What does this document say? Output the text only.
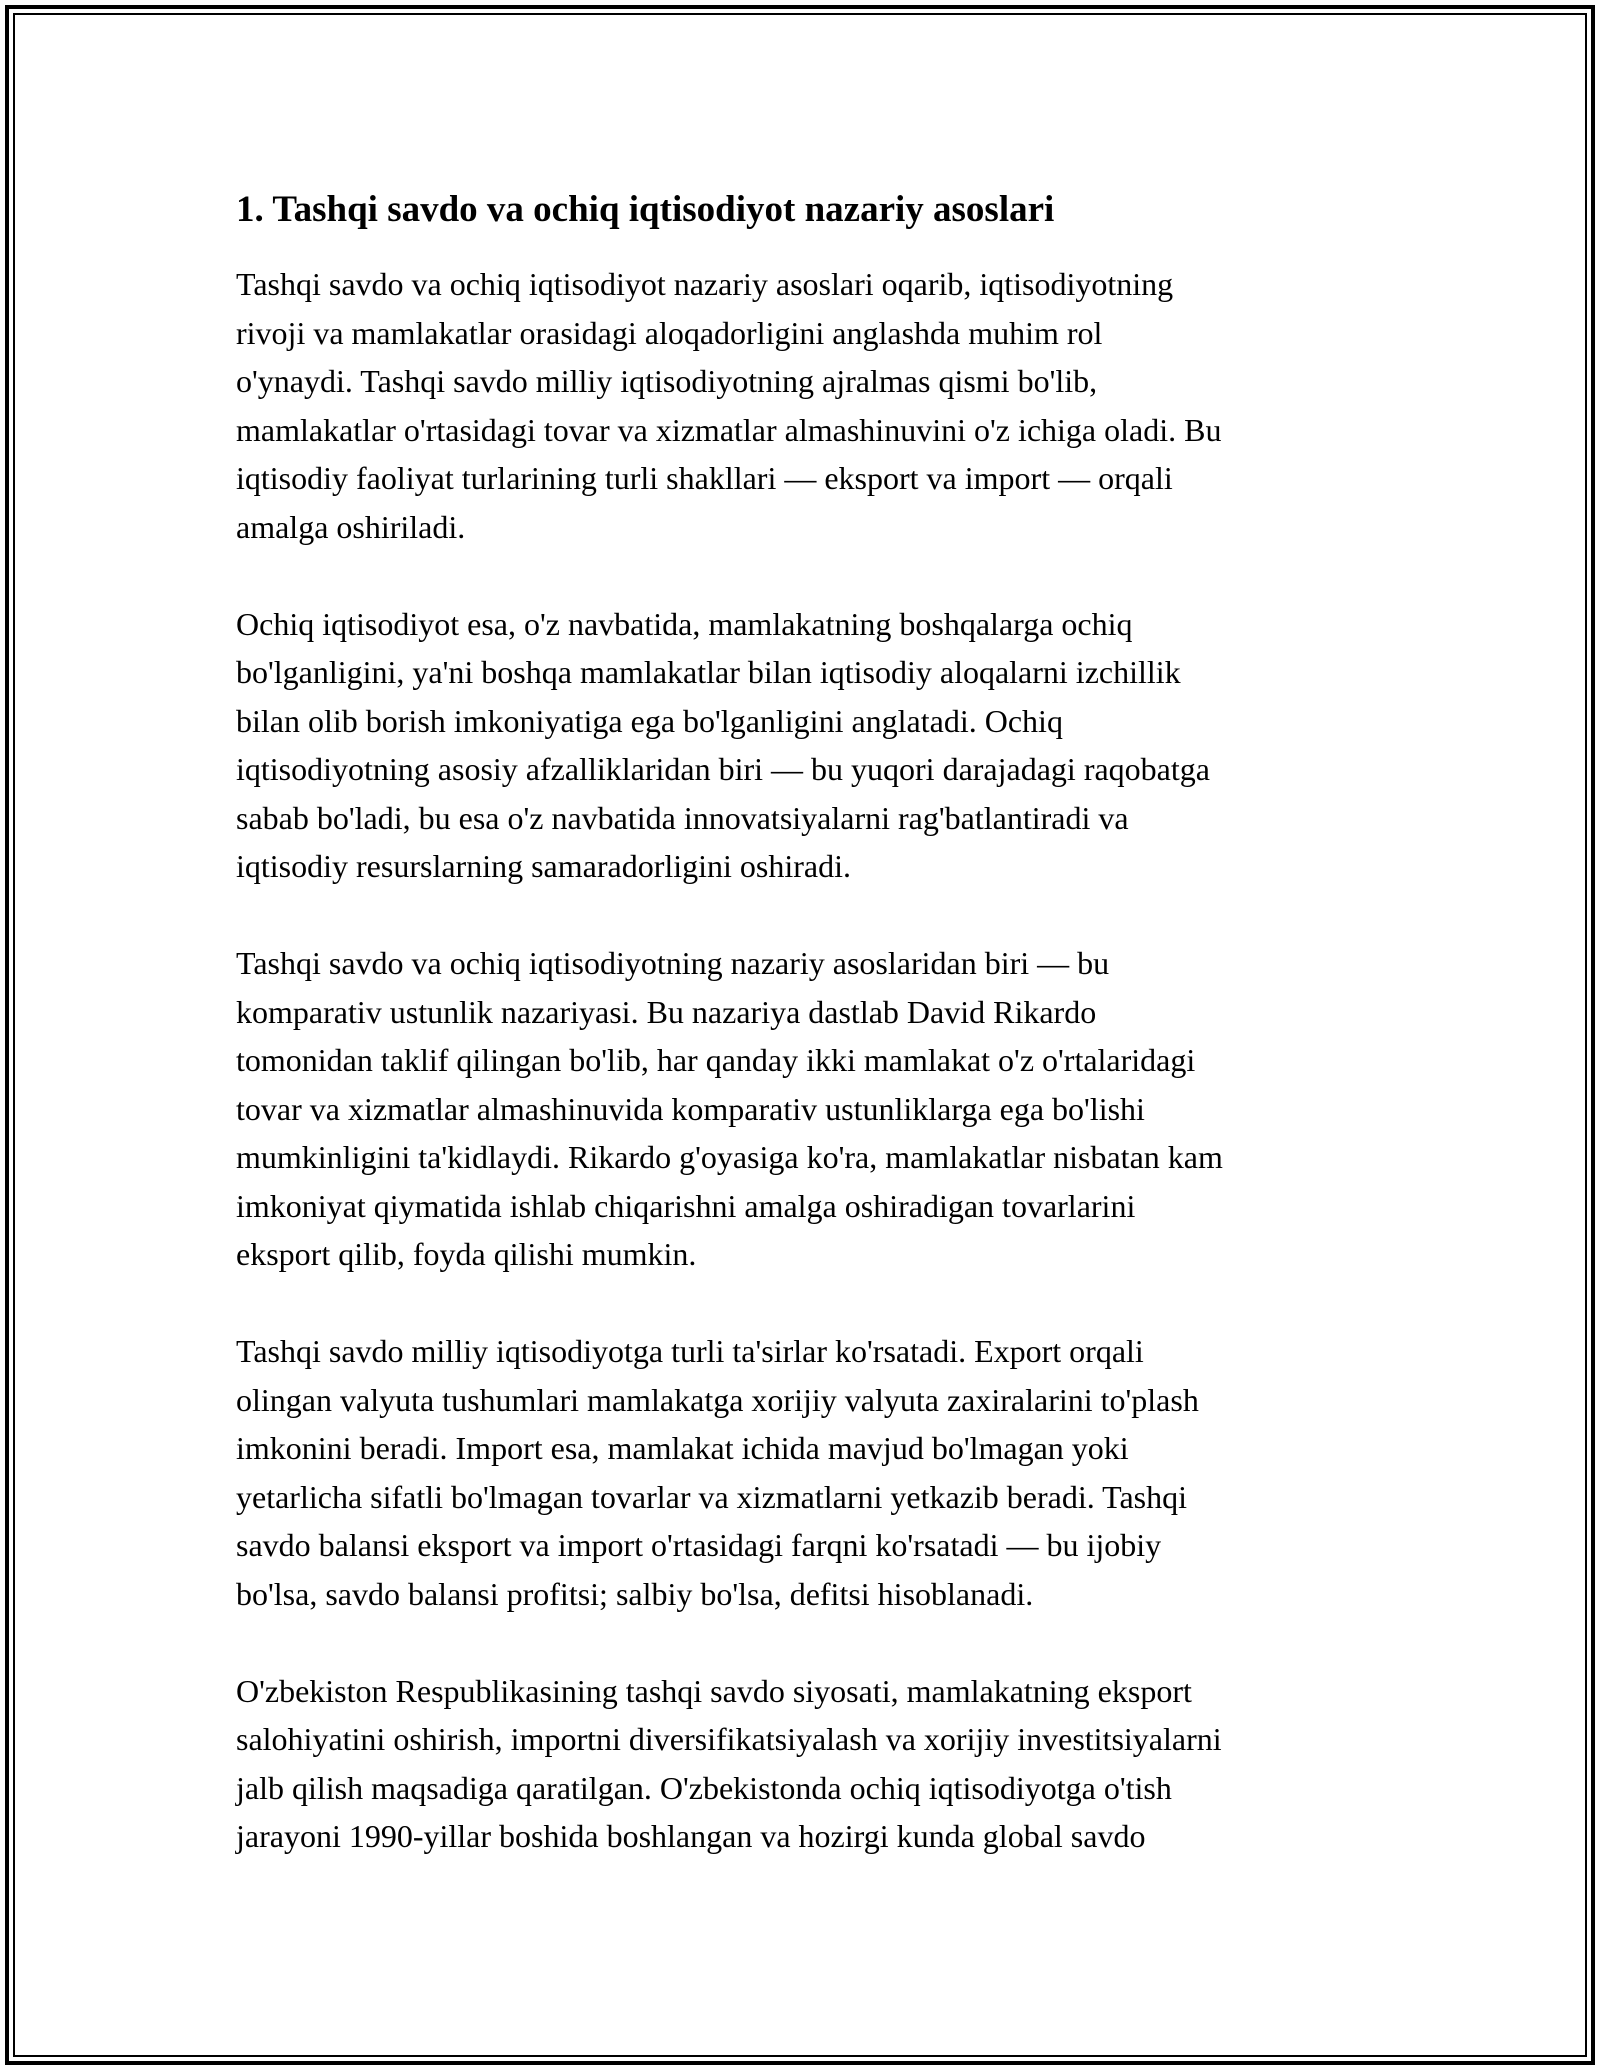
1. Tashqi savdo va ochiq iqtisodiyot nazariy asoslari

Tashqi savdo va ochiq iqtisodiyot nazariy asoslari oqarib, iqtisodiyotning
rivoji va mamlakatlar orasidagi aloqadorligini anglashda muhim rol
o'ynaydi. Tashqi savdo milliy iqtisodiyotning ajralmas qismi bo'lib,
mamlakatlar o'rtasidagi tovar va xizmatlar almashinuvini o'z ichiga oladi. Bu
iqtisodiy faoliyat turlarining turli shakllari — eksport va import — orqali
amalga oshiriladi.

Ochiq iqtisodiyot esa, o'z navbatida, mamlakatning boshqalarga ochiq
bo'lganligini, ya'ni boshqa mamlakatlar bilan iqtisodiy aloqalarni izchillik
bilan olib borish imkoniyatiga ega bo'lganligini anglatadi. Ochiq
iqtisodiyotning asosiy afzalliklaridan biri — bu yuqori darajadagi raqobatga
sabab bo'ladi, bu esa o'z navbatida innovatsiyalarni rag'batlantiradi va
iqtisodiy resurslarning samaradorligini oshiradi.

Tashqi savdo va ochiq iqtisodiyotning nazariy asoslaridan biri — bu
komparativ ustunlik nazariyasi. Bu nazariya dastlab David Rikardo
tomonidan taklif qilingan bo'lib, har qanday ikki mamlakat o'z o'rtalaridagi
tovar va xizmatlar almashinuvida komparativ ustunliklarga ega bo'lishi
mumkinligini ta'kidlaydi. Rikardo g'oyasiga ko'ra, mamlakatlar nisbatan kam
imkoniyat qiymatida ishlab chiqarishni amalga oshiradigan tovarlarini
eksport qilib, foyda qilishi mumkin.

Tashqi savdo milliy iqtisodiyotga turli ta'sirlar ko'rsatadi. Export orqali
olingan valyuta tushumlari mamlakatga xorijiy valyuta zaxiralarini to'plash
imkonini beradi. Import esa, mamlakat ichida mavjud bo'lmagan yoki
yetarlicha sifatli bo'lmagan tovarlar va xizmatlarni yetkazib beradi. Tashqi
savdo balansi eksport va import o'rtasidagi farqni ko'rsatadi — bu ijobiy
bo'lsa, savdo balansi profitsi; salbiy bo'lsa, defitsi hisoblanadi.

O'zbekiston Respublikasining tashqi savdo siyosati, mamlakatning eksport
salohiyatini oshirish, importni diversifikatsiyalash va xorijiy investitsiyalarni
jalb qilish maqsadiga qaratilgan. O'zbekistonda ochiq iqtisodiyotga o'tish
jarayoni 1990-yillar boshida boshlangan va hozirgi kunda global savdo
